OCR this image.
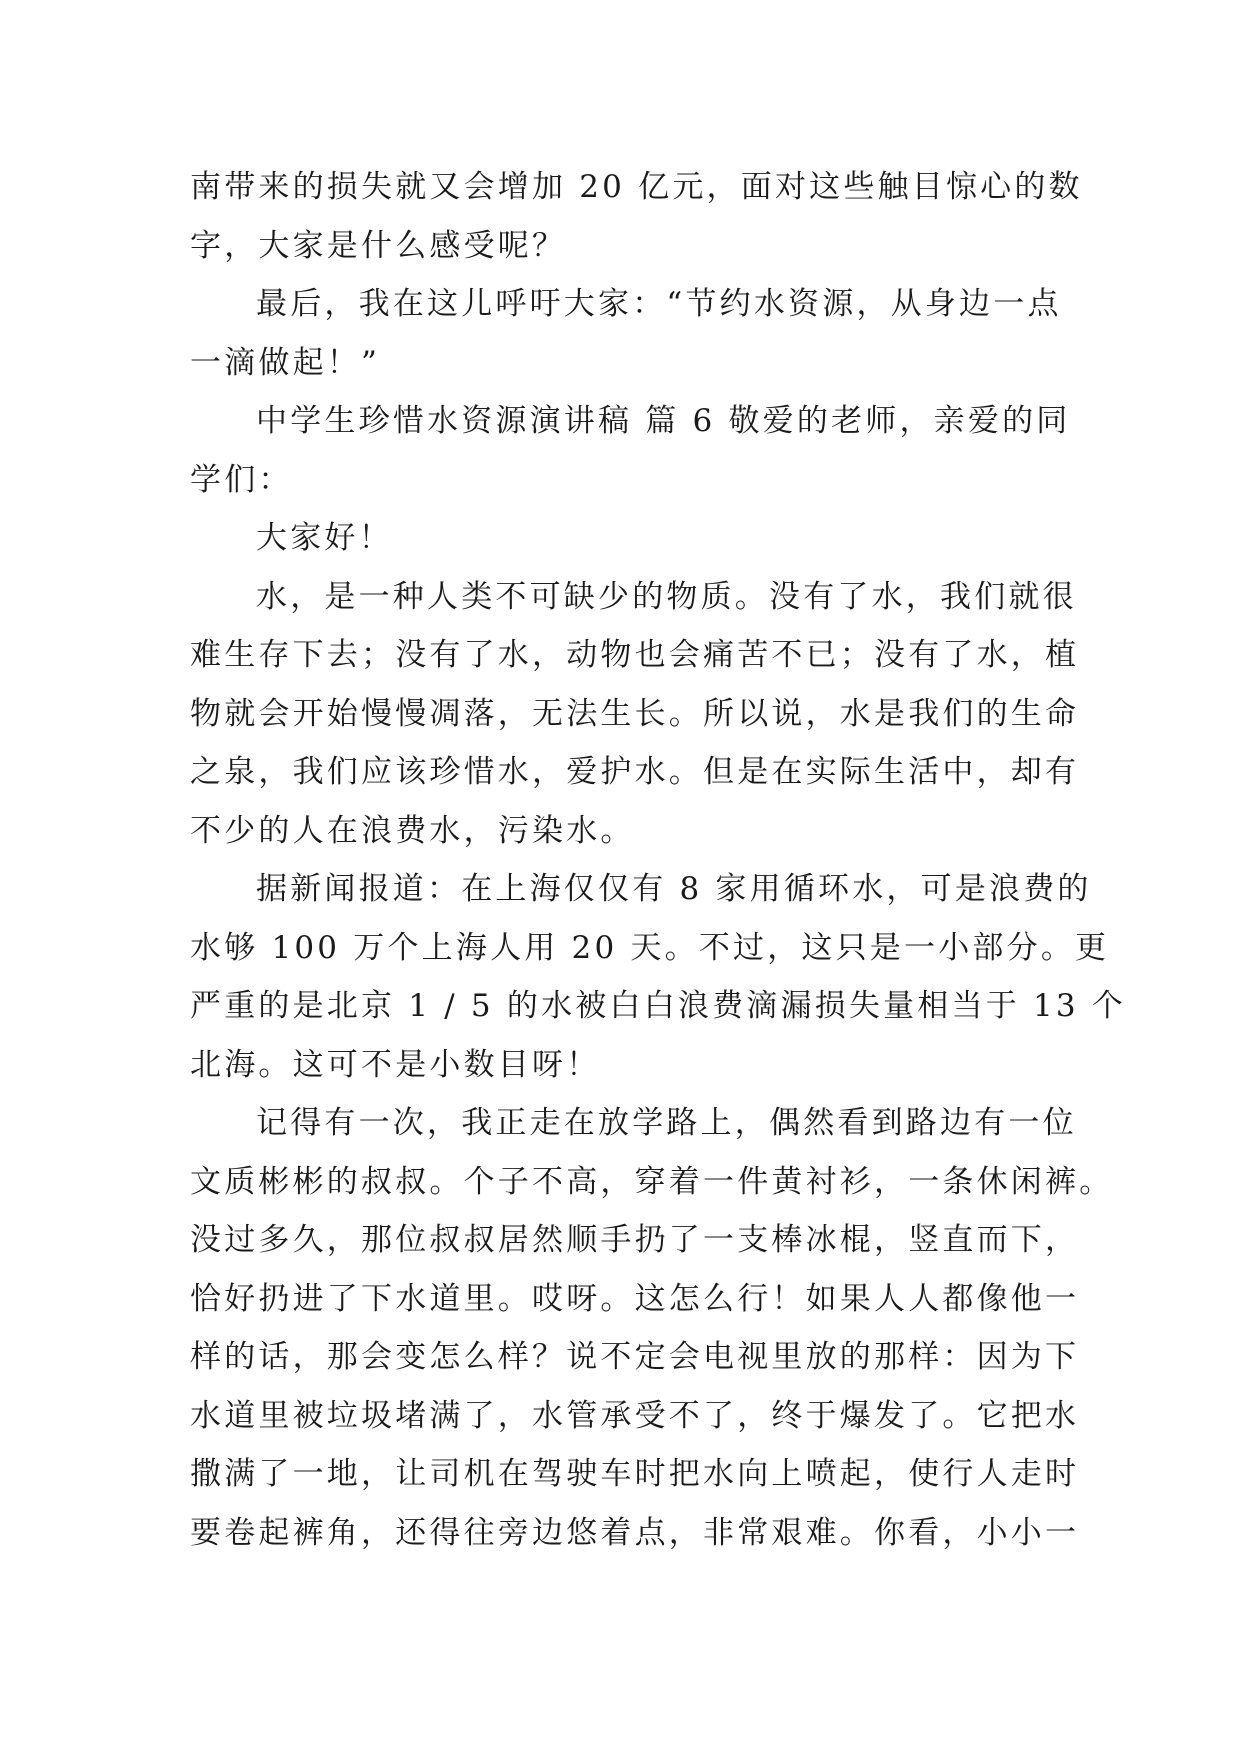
南带来的损失就又会增加 20 亿元，面对这些触目惊心的数
字，大家是什么感受呢？
最后，我在这儿呼吁大家：“节约水资源，从身边一点
一滴做起！”
中学生珍惜水资源演讲稿 篇 6 敬爱的老师，亲爱的同
学们：
大家好！
水，是一种人类不可缺少的物质。没有了水，我们就很
难生存下去；没有了水，动物也会痛苦不已；没有了水，植
物就会开始慢慢凋落，无法生长。所以说，水是我们的生命
之泉，我们应该珍惜水，爱护水。但是在实际生活中，却有
不少的人在浪费水，污染水。
据新闻报道：在上海仅仅有 8 家用循环水，可是浪费的
水够 100 万个上海人用 20 天。不过，这只是一小部分。更
严重的是北京 1 / 5 的水被白白浪费滴漏损失量相当于 13 个
北海。这可不是小数目呀！
记得有一次，我正走在放学路上，偶然看到路边有一位
文质彬彬的叔叔。个子不高，穿着一件黄衬衫，一条休闲裤。
没过多久，那位叔叔居然顺手扔了一支棒冰棍，竖直而下，
恰好扔进了下水道里。哎呀。这怎么行！如果人人都像他一
样的话，那会变怎么样？说不定会电视里放的那样：因为下
水道里被垃圾堵满了，水管承受不了，终于爆发了。它把水
撒满了一地，让司机在驾驶车时把水向上喷起，使行人走时
要卷起裤角，还得往旁边悠着点，非常艰难。你看，小小一
